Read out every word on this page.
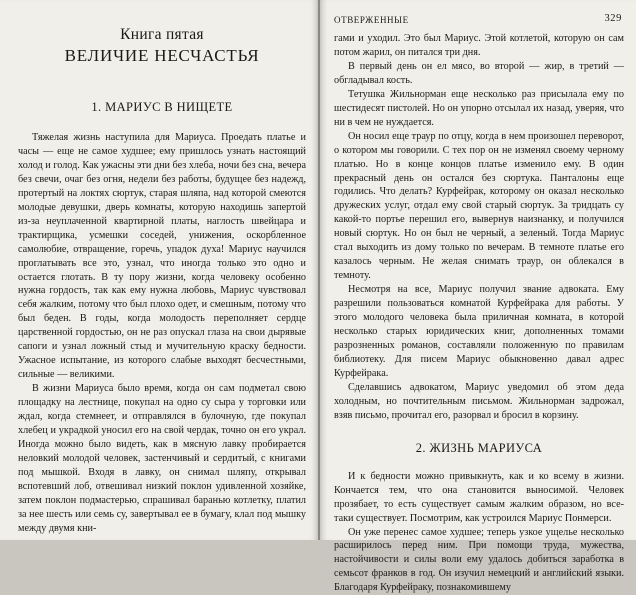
Книга пятая
ВЕЛИЧИЕ НЕСЧАСТЬЯ
1. МАРИУС В НИЩЕТЕ

Тяжелая жизнь наступила для Мариуса. Проедать платье и часы — еще не самое худшее; ему пришлось узнать настоящий холод и голод. Как ужасны эти дни без хлеба, ночи без сна, вечера без свечи, очаг без огня, недели без работы, будущее без надежд, протертый на локтях сюртук, старая шляпа, над которой смеются молодые девушки, дверь комнаты, которую находишь запертой из-за неуплаченной квартирной платы, наглость швейцара и трактирщика, усмешки соседей, унижения, оскорбленное самолюбие, отвращение, горечь, упадок духа! Мариус научился проглатывать все это, узнал, что иногда только это одно и остается глотать. В ту пору жизни, когда человеку особенно нужна гордость, так как ему нужна любовь, Мариус чувствовал себя жалким, потому что был плохо одет, и смешным, потому что был беден. В годы, когда молодость переполняет сердце царственной гордостью, он не раз опускал глаза на свои дырявые сапоги и узнал ложный стыд и мучительную краску бедности. Ужасное испытание, из которого слабые выходят бесчестными, сильные — великими.

В жизни Мариуса было время, когда он сам подметал свою площадку на лестнице, покупал на одно су сыра у торговки или ждал, когда стемнеет, и отправлялся в булочную, где покупал хлебец и украдкой уносил его на свой чердак, точно он его украл. Иногда можно было видеть, как в мясную лавку пробирается неловкий молодой человек, застенчивый и сердитый, с книгами под мышкой. Входя в лавку, он снимал шляпу, открывал вспотевший лоб, отвешивал низкий поклон удивленной хозяйке, затем поклон подмастерью, спрашивал баранью котлетку, платил за нее шесть или семь су, завертывал ее в бумагу, клал под мышку между двумя кни-

ОТВЕРЖЕННЫЕ	329

гами и уходил. Это был Мариус. Этой котлетой, которую он сам потом жарил, он питался три дня.

В первый день он ел мясо, во второй — жир, в третий — обгладывал кость.

Тетушка Жильнорман еще несколько раз присылала ему по шестидесят пистолей. Но он упорно отсылал их назад, уверяя, что ни в чем не нуждается.

Он носил еще траур по отцу, когда в нем произошел переворот, о котором мы говорили. С тех пор он не изменял своему черному платью. Но в конце концов платье изменило ему. В один прекрасный день он остался без сюртука. Панталоны еще годились. Что делать? Курфейрак, которому он оказал несколько дружеских услуг, отдал ему свой старый сюртук. За тридцать су какой-то портье перешил его, вывернув наизнанку, и получился новый сюртук. Но он был не черный, а зеленый. Тогда Мариус стал выходить из дому только по вечерам. В темноте платье его казалось черным. Не желая снимать траур, он облекался в темноту.

Несмотря на все, Мариус получил звание адвоката. Ему разрешили пользоваться комнатой Курфейрака для работы. У этого молодого человека была приличная комната, в которой несколько старых юридических книг, дополненных томами разрозненных романов, составляли положенную по правилам библиотеку. Для писем Мариус обыкновенно давал адрес Курфейрака.

Сделавшись адвокатом, Мариус уведомил об этом деда холодным, но почтительным письмом. Жильнорман задрожал, взяв письмо, прочитал его, разорвал и бросил в корзину.

2. ЖИЗНЬ МАРИУСА

И к бедности можно привыкнуть, как и ко всему в жизни. Кончается тем, что она становится выносимой. Человек прозябает, то есть существует самым жалким образом, но все-таки существует. Посмотрим, как устроился Мариус Понмерси.

Он уже перенес самое худшее; теперь узкое ущелье несколько расширилось перед ним. При помощи труда, мужества, настойчивости и силы воли ему удалось добиться заработка в семьсот франков в год. Он изучил немецкий и английский языки. Благодаря Курфейраку, познакомившему
